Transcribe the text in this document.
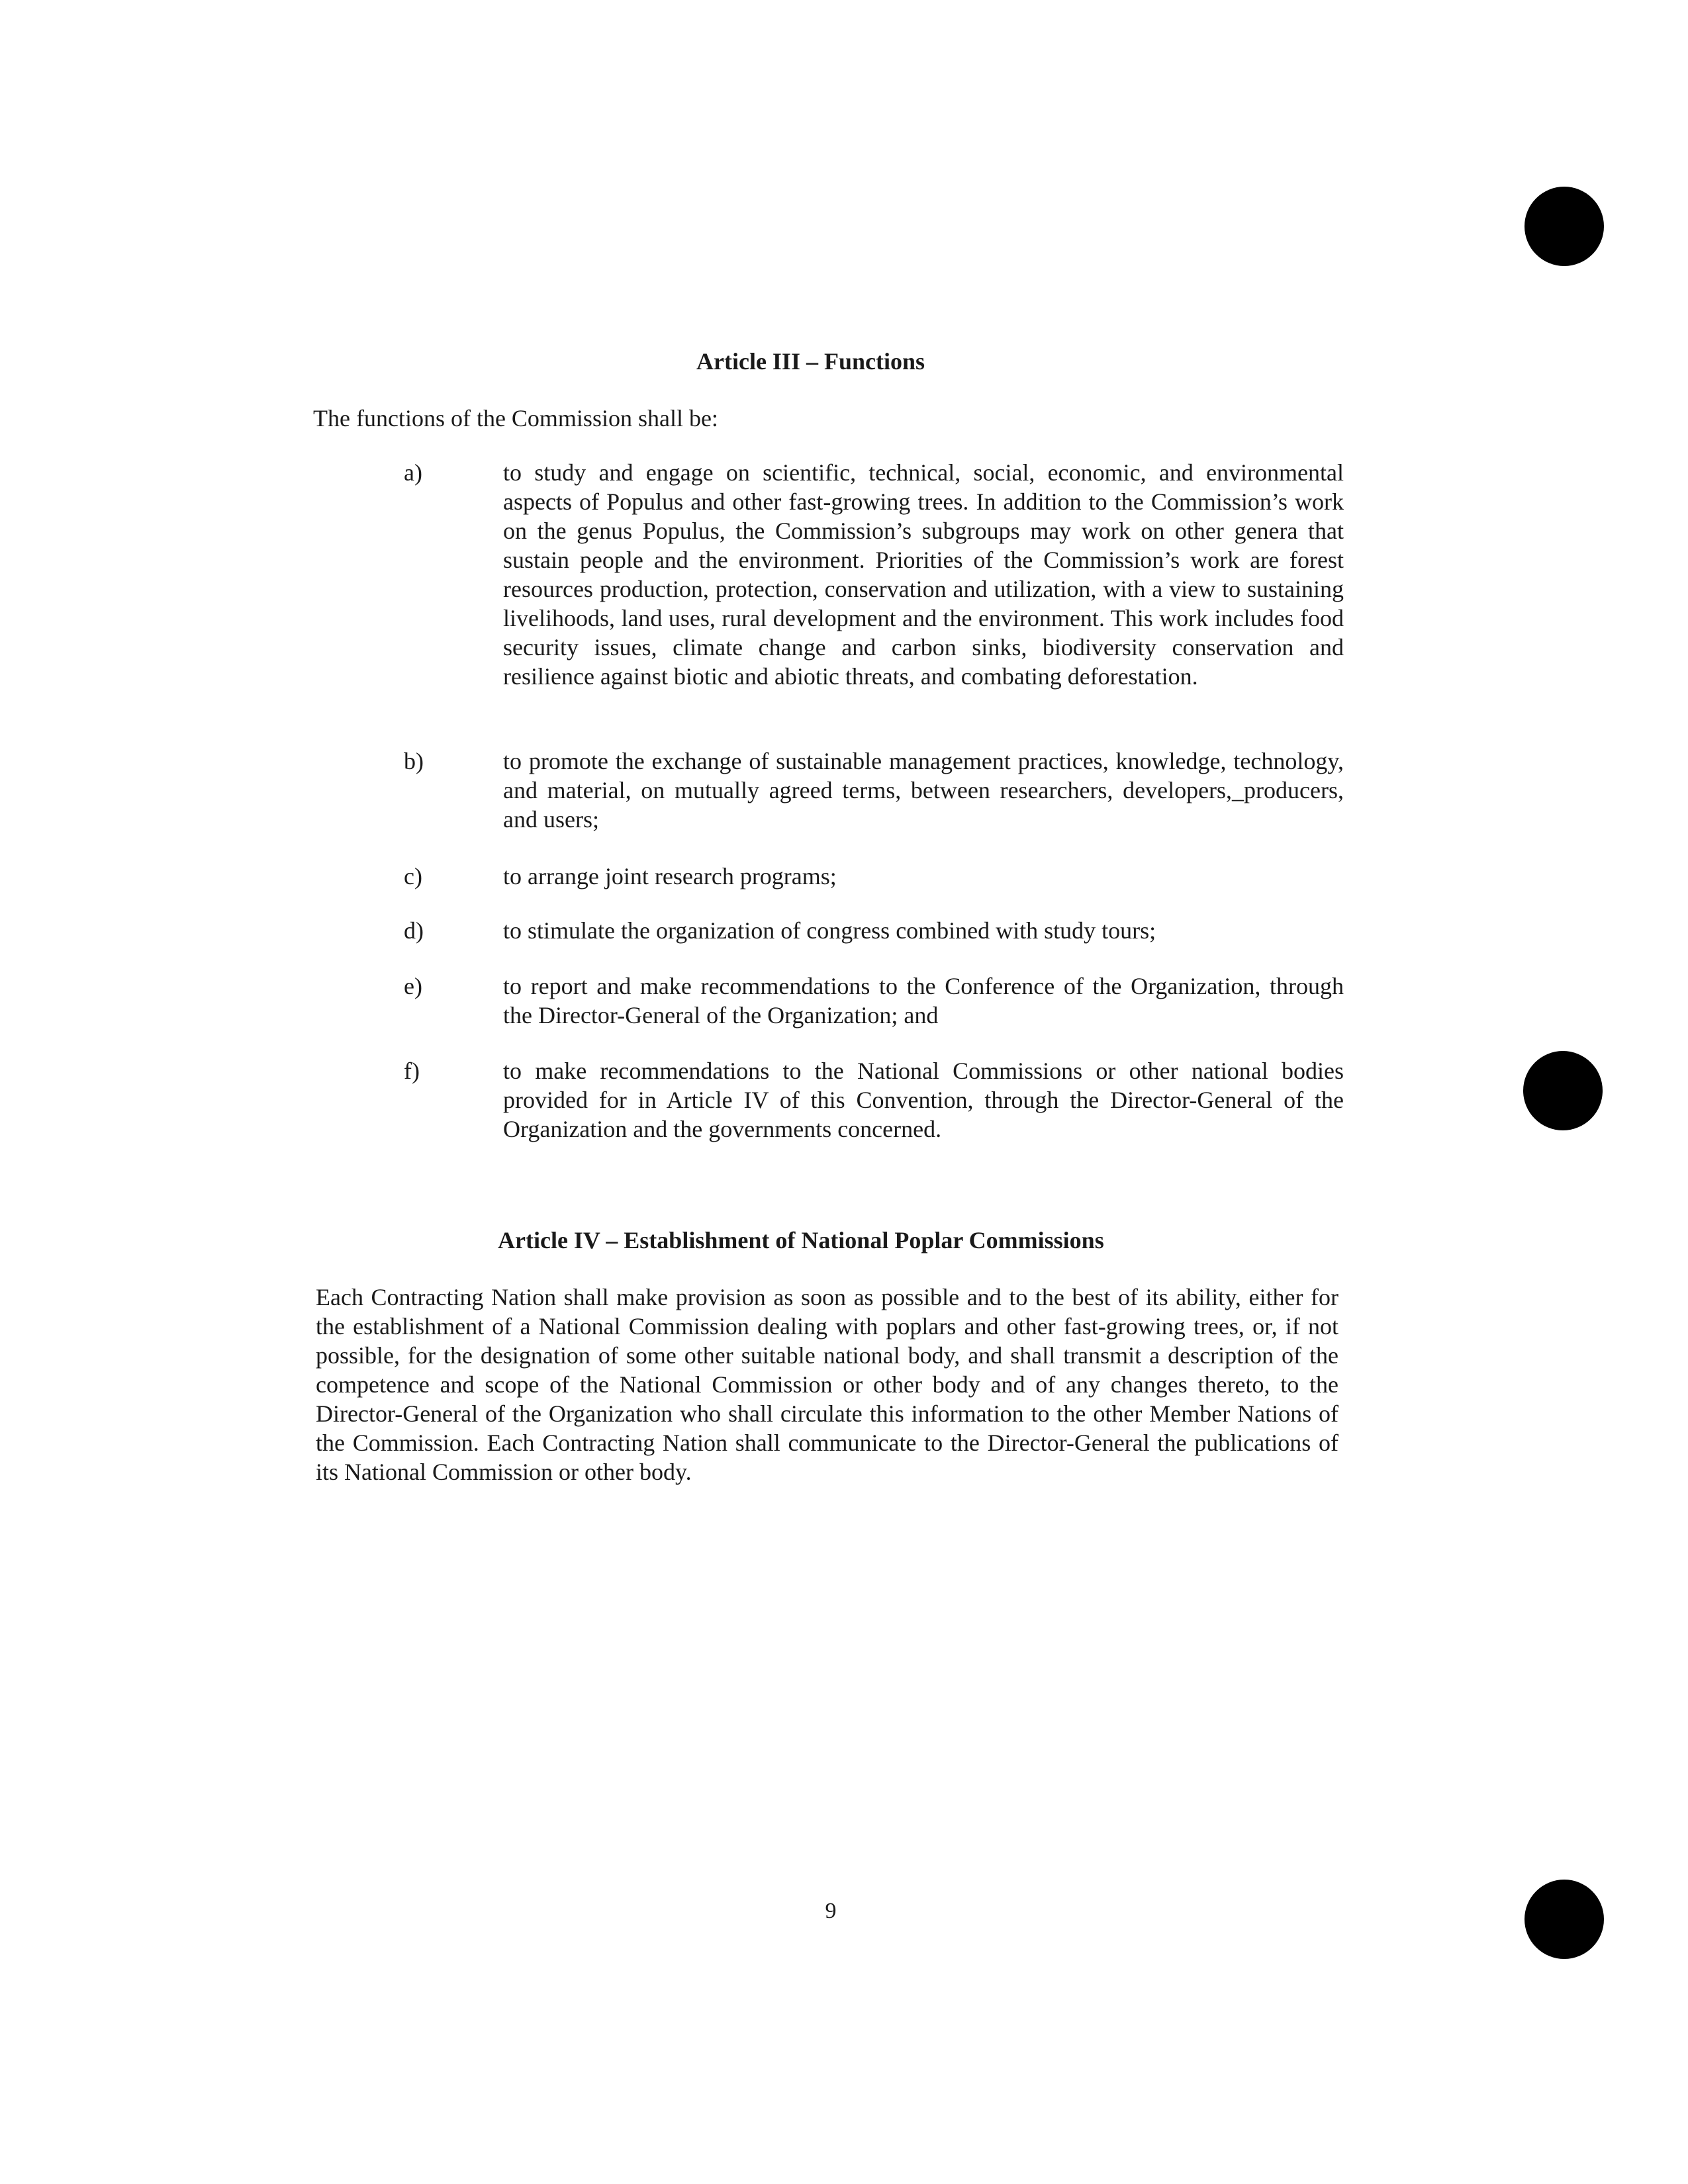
Article III – Functions
The functions of the Commission shall be:
a)	to study and engage on scientific, technical, social, economic, and environmental aspects of Populus and other fast-growing trees. In addition to the Commission’s work on the genus Populus, the Commission’s subgroups may work on other genera that sustain people and the environment. Priorities of the Commission’s work are forest resources production, protection, conservation and utilization, with a view to sustaining livelihoods, land uses, rural development and the environment. This work includes food security issues, climate change and carbon sinks, biodiversity conservation and resilience against biotic and abiotic threats, and combating deforestation.
b)	to promote the exchange of sustainable management practices, knowledge, technology, and material, on mutually agreed terms, between researchers, developers,_producers, and users;
c)	to arrange joint research programs;
d)	to stimulate the organization of congress combined with study tours;
e)	to report and make recommendations to the Conference of the Organization, through the Director-General of the Organization; and
f)	to make recommendations to the National Commissions or other national bodies provided for in Article IV of this Convention, through the Director-General of the Organization and the governments concerned.
Article IV – Establishment of National Poplar Commissions
Each Contracting Nation shall make provision as soon as possible and to the best of its ability, either for the establishment of a National Commission dealing with poplars and other fast-growing trees, or, if not possible, for the designation of some other suitable national body, and shall transmit a description of the competence and scope of the National Commission or other body and of any changes thereto, to the Director-General of the Organization who shall circulate this information to the other Member Nations of the Commission. Each Contracting Nation shall communicate to the Director-General the publications of its National Commission or other body.
9
